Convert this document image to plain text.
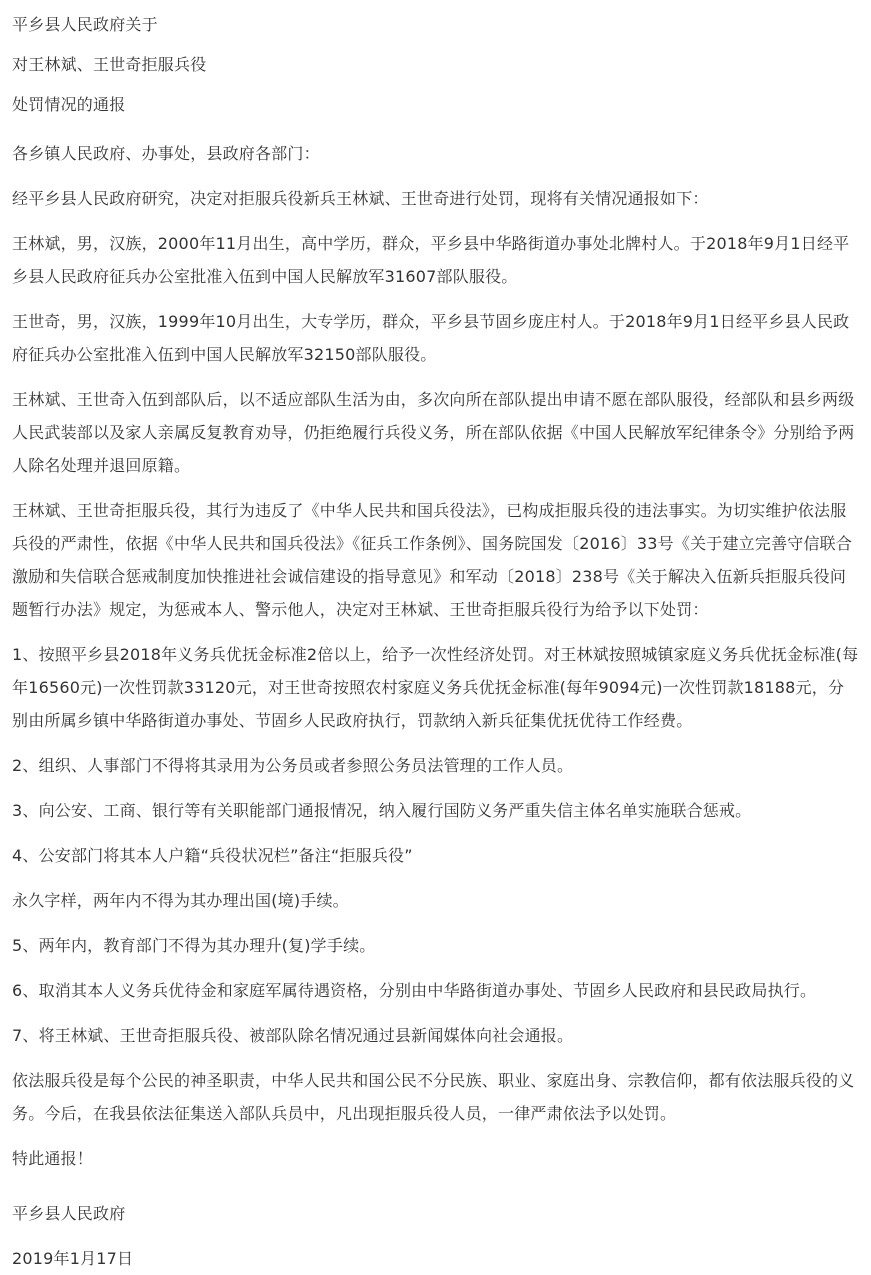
平乡县人民政府关于

对王林斌、王世奇拒服兵役

处罚情况的通报

各乡镇人民政府、办事处，县政府各部门：

经平乡县人民政府研究，决定对拒服兵役新兵王林斌、王世奇进行处罚，现将有关情况通报如下：

王林斌，男，汉族，2000年11月出生，高中学历，群众，平乡县中华路街道办事处北牌村人。于2018年9月1日经平乡县人民政府征兵办公室批准入伍到中国人民解放军31607部队服役。

王世奇，男，汉族，1999年10月出生，大专学历，群众，平乡县节固乡庞庄村人。于2018年9月1日经平乡县人民政府征兵办公室批准入伍到中国人民解放军32150部队服役。

王林斌、王世奇入伍到部队后，以不适应部队生活为由，多次向所在部队提出申请不愿在部队服役，经部队和县乡两级人民武装部以及家人亲属反复教育劝导，仍拒绝履行兵役义务，所在部队依据《中国人民解放军纪律条令》分别给予两人除名处理并退回原籍。

王林斌、王世奇拒服兵役，其行为违反了《中华人民共和国兵役法》，已构成拒服兵役的违法事实。为切实维护依法服兵役的严肃性，依据《中华人民共和国兵役法》《征兵工作条例》、国务院国发〔2016〕33号《关于建立完善守信联合激励和失信联合惩戒制度加快推进社会诚信建设的指导意见》和军动〔2018〕238号《关于解决入伍新兵拒服兵役问题暂行办法》规定，为惩戒本人、警示他人，决定对王林斌、王世奇拒服兵役行为给予以下处罚：

1、按照平乡县2018年义务兵优抚金标准2倍以上，给予一次性经济处罚。对王林斌按照城镇家庭义务兵优抚金标准(每年16560元)一次性罚款33120元，对王世奇按照农村家庭义务兵优抚金标准(每年9094元)一次性罚款18188元，分别由所属乡镇中华路街道办事处、节固乡人民政府执行，罚款纳入新兵征集优抚优待工作经费。

2、组织、人事部门不得将其录用为公务员或者参照公务员法管理的工作人员。

3、向公安、工商、银行等有关职能部门通报情况，纳入履行国防义务严重失信主体名单实施联合惩戒。

4、公安部门将其本人户籍“兵役状况栏”备注“拒服兵役”

永久字样，两年内不得为其办理出国(境)手续。

5、两年内，教育部门不得为其办理升(复)学手续。

6、取消其本人义务兵优待金和家庭军属待遇资格，分别由中华路街道办事处、节固乡人民政府和县民政局执行。

7、将王林斌、王世奇拒服兵役、被部队除名情况通过县新闻媒体向社会通报。

依法服兵役是每个公民的神圣职责，中华人民共和国公民不分民族、职业、家庭出身、宗教信仰，都有依法服兵役的义务。今后，在我县依法征集送入部队兵员中，凡出现拒服兵役人员，一律严肃依法予以处罚。

特此通报！

平乡县人民政府

2019年1月17日
